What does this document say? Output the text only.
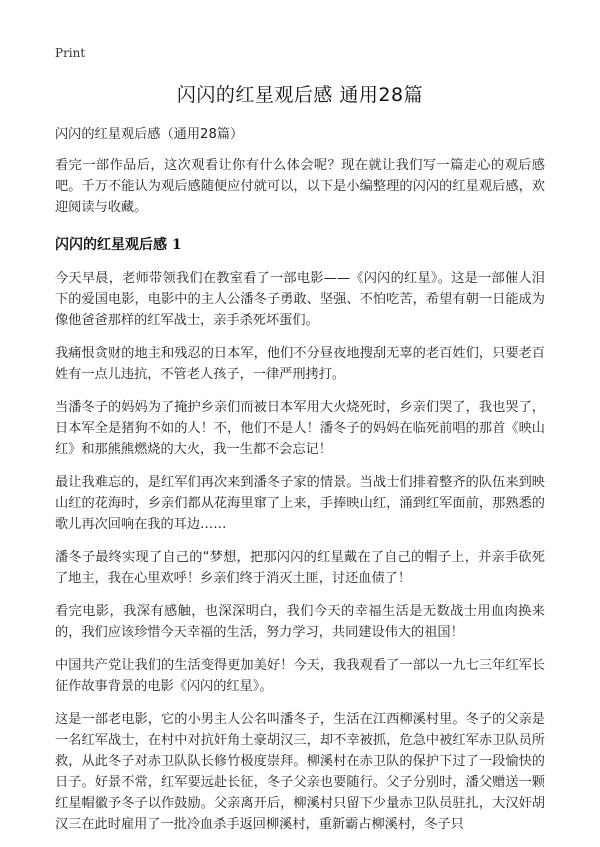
Print
闪闪的红星观后感 通用28篇

闪闪的红星观后感（通用28篇）

看完一部作品后，这次观看让你有什么体会呢？现在就让我们写一篇走心的观后感吧。千万不能认为观后感随便应付就可以，以下是小编整理的闪闪的红星观后感，欢迎阅读与收藏。

闪闪的红星观后感 1

今天早晨，老师带领我们在教室看了一部电影——《闪闪的红星》。这是一部催人泪下的爱国电影，电影中的主人公潘冬子勇敢、坚强、不怕吃苦，希望有朝一日能成为像他爸爸那样的红军战士，亲手杀死坏蛋们。

我痛恨贪财的地主和残忍的日本军，他们不分昼夜地搜刮无辜的老百姓们，只要老百姓有一点儿违抗，不管老人孩子，一律严刑拷打。

当潘冬子的妈妈为了掩护乡亲们而被日本军用大火烧死时，乡亲们哭了，我也哭了，日本军全是猪狗不如的人！不，他们不是人！潘冬子的妈妈在临死前唱的那首《映山红》和那熊熊燃烧的大火，我一生都不会忘记！

最让我难忘的，是红军们再次来到潘冬子家的情景。当战士们排着整齐的队伍来到映山红的花海时，乡亲们都从花海里窜了上来，手捧映山红，涌到红军面前，那熟悉的歌儿再次回响在我的耳边……

潘冬子最终实现了自己的“梦想，把那闪闪的红星戴在了自己的帽子上，并亲手砍死了地主，我在心里欢呼！乡亲们终于消灭土匪，讨还血债了！

看完电影，我深有感触，也深深明白，我们今天的幸福生活是无数战士用血肉换来的，我们应该珍惜今天幸福的生活，努力学习，共同建设伟大的祖国！

中国共产党让我们的生活变得更加美好！今天，我我观看了一部以一九七三年红军长征作故事背景的电影《闪闪的红星》。

这是一部老电影，它的小男主人公名叫潘冬子，生活在江西柳溪村里。冬子的父亲是一名红军战士，在村中对抗奸角土豪胡汉三，却不幸被抓，危急中被红军赤卫队员所救，从此冬子对赤卫队队长修竹极度崇拜。柳溪村在赤卫队的保护下过了一段愉快的日子。好景不常，红军要远赴长征，冬子父亲也要随行。父子分别时，潘父赠送一颗红星帽徽予冬子以作鼓励。父亲离开后，柳溪村只留下少量赤卫队员驻扎，大汉奸胡汉三在此时雇用了一批冷血杀手返回柳溪村，重新霸占柳溪村，冬子只
